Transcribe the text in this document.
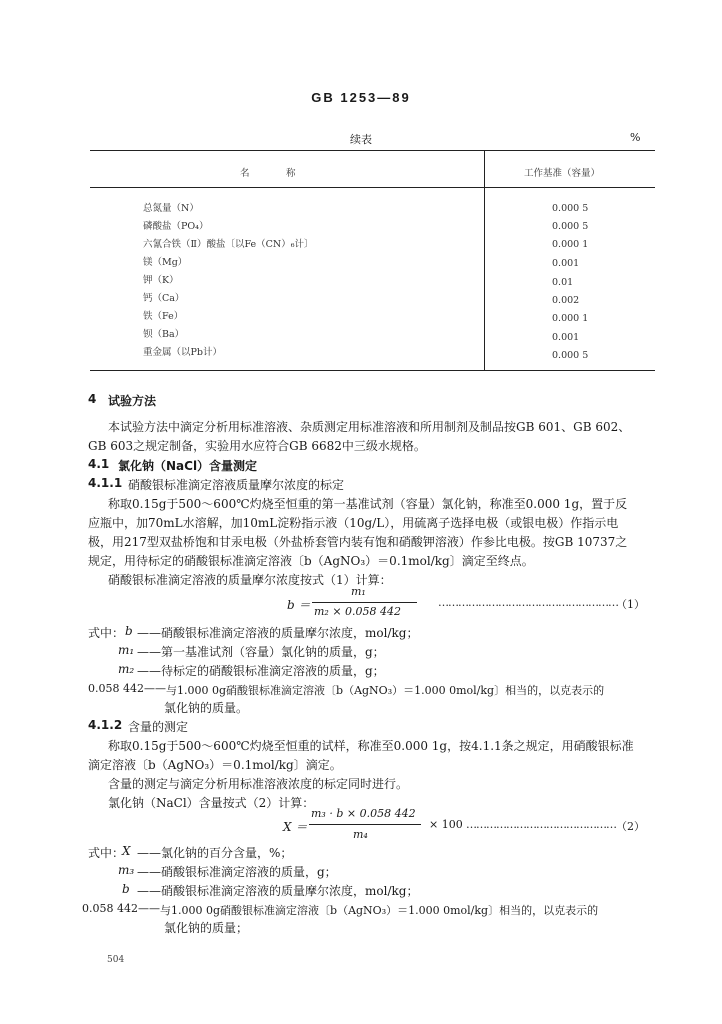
GB 1253—89
续表	%
名　　　称	工作基准（容量）
总氮量（N）	0.000 5
磷酸盐（PO₄）	0.000 5
六氰合铁（Ⅱ）酸盐〔以Fe（CN）₆计〕	0.000 1
镁（Mg）	0.001
钾（K）	0.01
钙（Ca）	0.002
铁（Fe）	0.000 1
钡（Ba）	0.001
重金属（以Pb计）	0.000 5
4 试验方法
本试验方法中滴定分析用标准溶液、杂质测定用标准溶液和所用制剂及制品按GB 601、GB 602、
GB 603之规定制备，实验用水应符合GB 6682中三级水规格。
4.1 氯化钠（NaCl）含量测定
4.1.1 硝酸银标准滴定溶液质量摩尔浓度的标定
称取0.15g于500～600℃灼烧至恒重的第一基准试剂（容量）氯化钠，称准至0.000 1g，置于反
应瓶中，加70mL水溶解，加10mL淀粉指示液（10g/L），用硫离子选择电极（或银电极）作指示电
极，用217型双盐桥饱和甘汞电极（外盐桥套管内装有饱和硝酸钾溶液）作参比电极。按GB 10737之
规定，用待标定的硝酸银标准滴定溶液〔b（AgNO₃）＝0.1mol/kg〕滴定至终点。
硝酸银标准滴定溶液的质量摩尔浓度按式（1）计算：
b ＝
m₁
m₂ × 0.058 442
………………………………………………
（1）
式中： b ——硝酸银标准滴定溶液的质量摩尔浓度，mol/kg；
m₁ ——第一基准试剂（容量）氯化钠的质量，g；
m₂ ——待标定的硝酸银标准滴定溶液的质量，g；
0.058 442—— 与1.000 0g硝酸银标准滴定溶液〔b（AgNO₃）＝1.000 0mol/kg〕相当的，以克表示的
氯化钠的质量。
4.1.2 含量的测定
称取0.15g于500～600℃灼烧至恒重的试样，称准至0.000 1g，按4.1.1条之规定，用硝酸银标准
滴定溶液〔b（AgNO₃）＝0.1mol/kg〕滴定。
含量的测定与滴定分析用标准溶液浓度的标定同时进行。
氯化钠（NaCl）含量按式（2）计算：
X ＝
m₃ · b × 0.058 442
m₄
× 100 ……………………………………… （2）
式中：
X ——氯化钠的百分含量，%；
m₃ ——硝酸银标准滴定溶液的质量，g；
b ——硝酸银标准滴定溶液的质量摩尔浓度，mol/kg；
0.058 442—— 与1.000 0g硝酸银标准滴定溶液〔b（AgNO₃）＝1.000 0mol/kg〕相当的，以克表示的
氯化钠的质量；
504
